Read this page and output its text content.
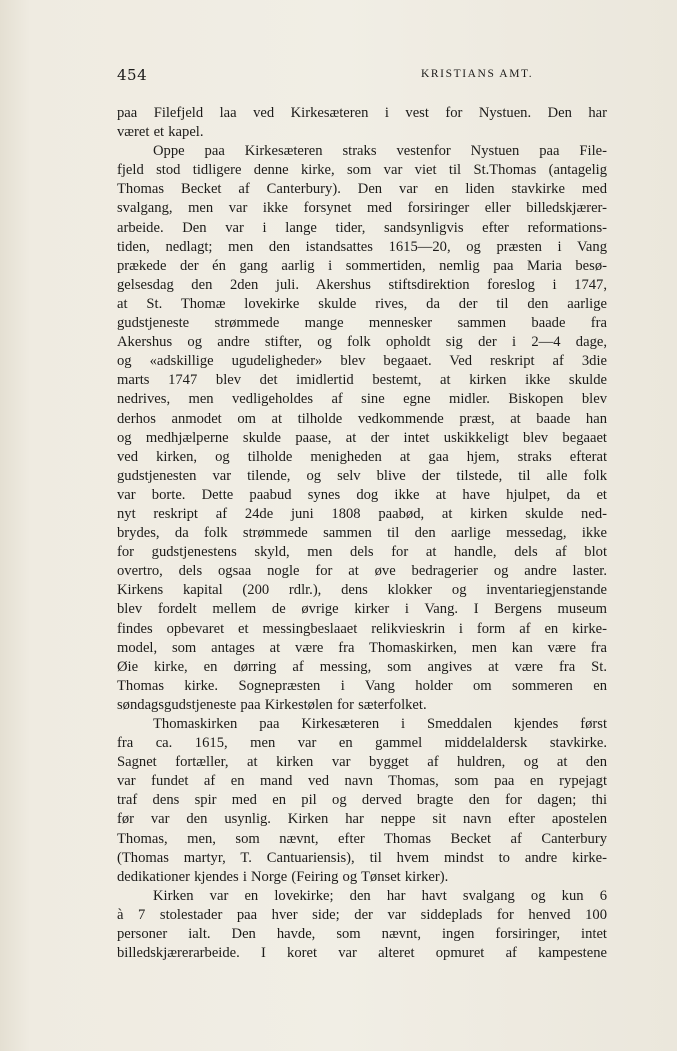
454	KRISTIANS AMT.
paa Filefjeld laa ved Kirkesæteren i vest for Nystuen. Den har
været et kapel.
Oppe paa Kirkesæteren straks vestenfor Nystuen paa File-
fjeld stod tidligere denne kirke, som var viet til St.Thomas (antagelig
Thomas Becket af Canterbury). Den var en liden stavkirke med
svalgang, men var ikke forsynet med forsiringer eller billedskjærer-
arbeide. Den var i lange tider, sandsynligvis efter reformations-
tiden, nedlagt; men den istandsattes 1615—20, og præsten i Vang
prækede der én gang aarlig i sommertiden, nemlig paa Maria besø-
gelsesdag den 2den juli. Akershus stiftsdirektion foreslog i 1747,
at St. Thomæ lovekirke skulde rives, da der til den aarlige
gudstjeneste strømmede mange mennesker sammen baade fra
Akershus og andre stifter, og folk opholdt sig der i 2—4 dage,
og «adskillige ugudeligheder» blev begaaet. Ved reskript af 3die
marts 1747 blev det imidlertid bestemt, at kirken ikke skulde
nedrives, men vedligeholdes af sine egne midler. Biskopen blev
derhos anmodet om at tilholde vedkommende præst, at baade han
og medhjælperne skulde paase, at der intet uskikkeligt blev begaaet
ved kirken, og tilholde menigheden at gaa hjem, straks efterat
gudstjenesten var tilende, og selv blive der tilstede, til alle folk
var borte. Dette paabud synes dog ikke at have hjulpet, da et
nyt reskript af 24de juni 1808 paabød, at kirken skulde ned-
brydes, da folk strømmede sammen til den aarlige messedag, ikke
for gudstjenestens skyld, men dels for at handle, dels af blot
overtro, dels ogsaa nogle for at øve bedragerier og andre laster.
Kirkens kapital (200 rdlr.), dens klokker og inventariegjenstande
blev fordelt mellem de øvrige kirker i Vang. I Bergens museum
findes opbevaret et messingbeslaaet relikvieskrin i form af en kirke-
model, som antages at være fra Thomaskirken, men kan være fra
Øie kirke, en dørring af messing, som angives at være fra St.
Thomas kirke. Sognepræsten i Vang holder om sommeren en
søndagsgudstjeneste paa Kirkestølen for sæterfolket.
Thomaskirken paa Kirkesæteren i Smeddalen kjendes først
fra ca. 1615, men var en gammel middelaldersk stavkirke.
Sagnet fortæller, at kirken var bygget af huldren, og at den
var fundet af en mand ved navn Thomas, som paa en rypejagt
traf dens spir med en pil og derved bragte den for dagen; thi
før var den usynlig. Kirken har neppe sit navn efter apostelen
Thomas, men, som nævnt, efter Thomas Becket af Canterbury
(Thomas martyr, T. Cantuariensis), til hvem mindst to andre kirke-
dedikationer kjendes i Norge (Feiring og Tønset kirker).
Kirken var en lovekirke; den har havt svalgang og kun 6
à 7 stolestader paa hver side; der var siddeplads for henved 100
personer ialt. Den havde, som nævnt, ingen forsiringer, intet
billedskjærerarbeide. I koret var alteret opmuret af kampestene
